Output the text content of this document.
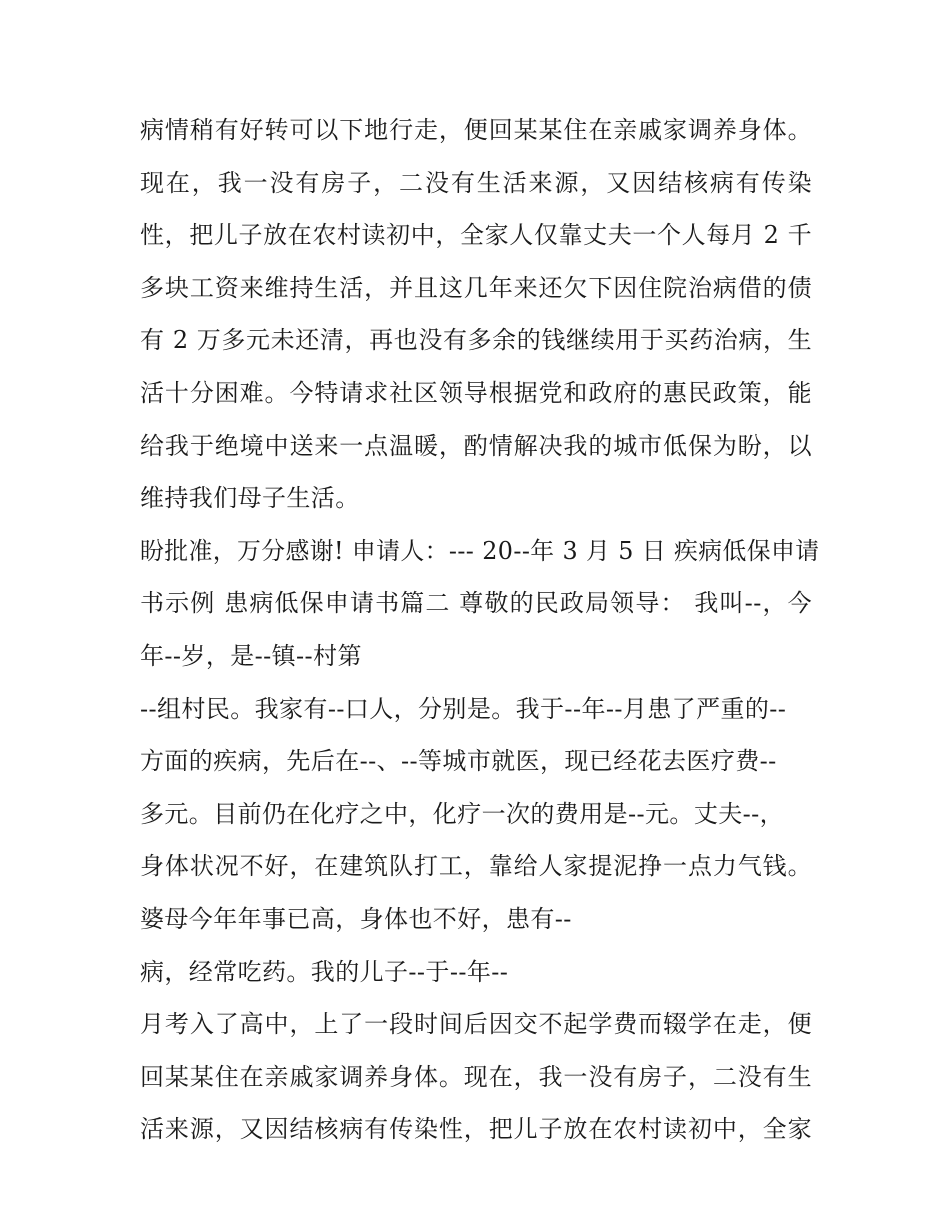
病情稍有好转可以下地行走，便回某某住在亲戚家调养身体。
现在，我一没有房子，二没有生活来源，又因结核病有传染
性，把儿子放在农村读初中，全家人仅靠丈夫一个人每月 2 千
多块工资来维持生活，并且这几年来还欠下因住院治病借的债
有 2 万多元未还清，再也没有多余的钱继续用于买药治病，生
活十分困难。今特请求社区领导根据党和政府的惠民政策，能
给我于绝境中送来一点温暖，酌情解决我的城市低保为盼，以
维持我们母子生活。
盼批准，万分感谢! 申请人：--- 20--年 3 月 5 日 疾病低保申请
书示例 患病低保申请书篇二 尊敬的民政局领导： 我叫--，今
年--岁，是--镇--村第
--组村民。我家有--口人，分别是。我于--年--月患了严重的--
方面的疾病，先后在--、--等城市就医，现已经花去医疗费--
多元。目前仍在化疗之中，化疗一次的费用是--元。丈夫--，
身体状况不好，在建筑队打工，靠给人家提泥挣一点力气钱。
婆母今年年事已高，身体也不好，患有--
病，经常吃药。我的儿子--于--年--
月考入了高中，上了一段时间后因交不起学费而辍学在走，便
回某某住在亲戚家调养身体。现在，我一没有房子，二没有生
活来源，又因结核病有传染性，把儿子放在农村读初中，全家
